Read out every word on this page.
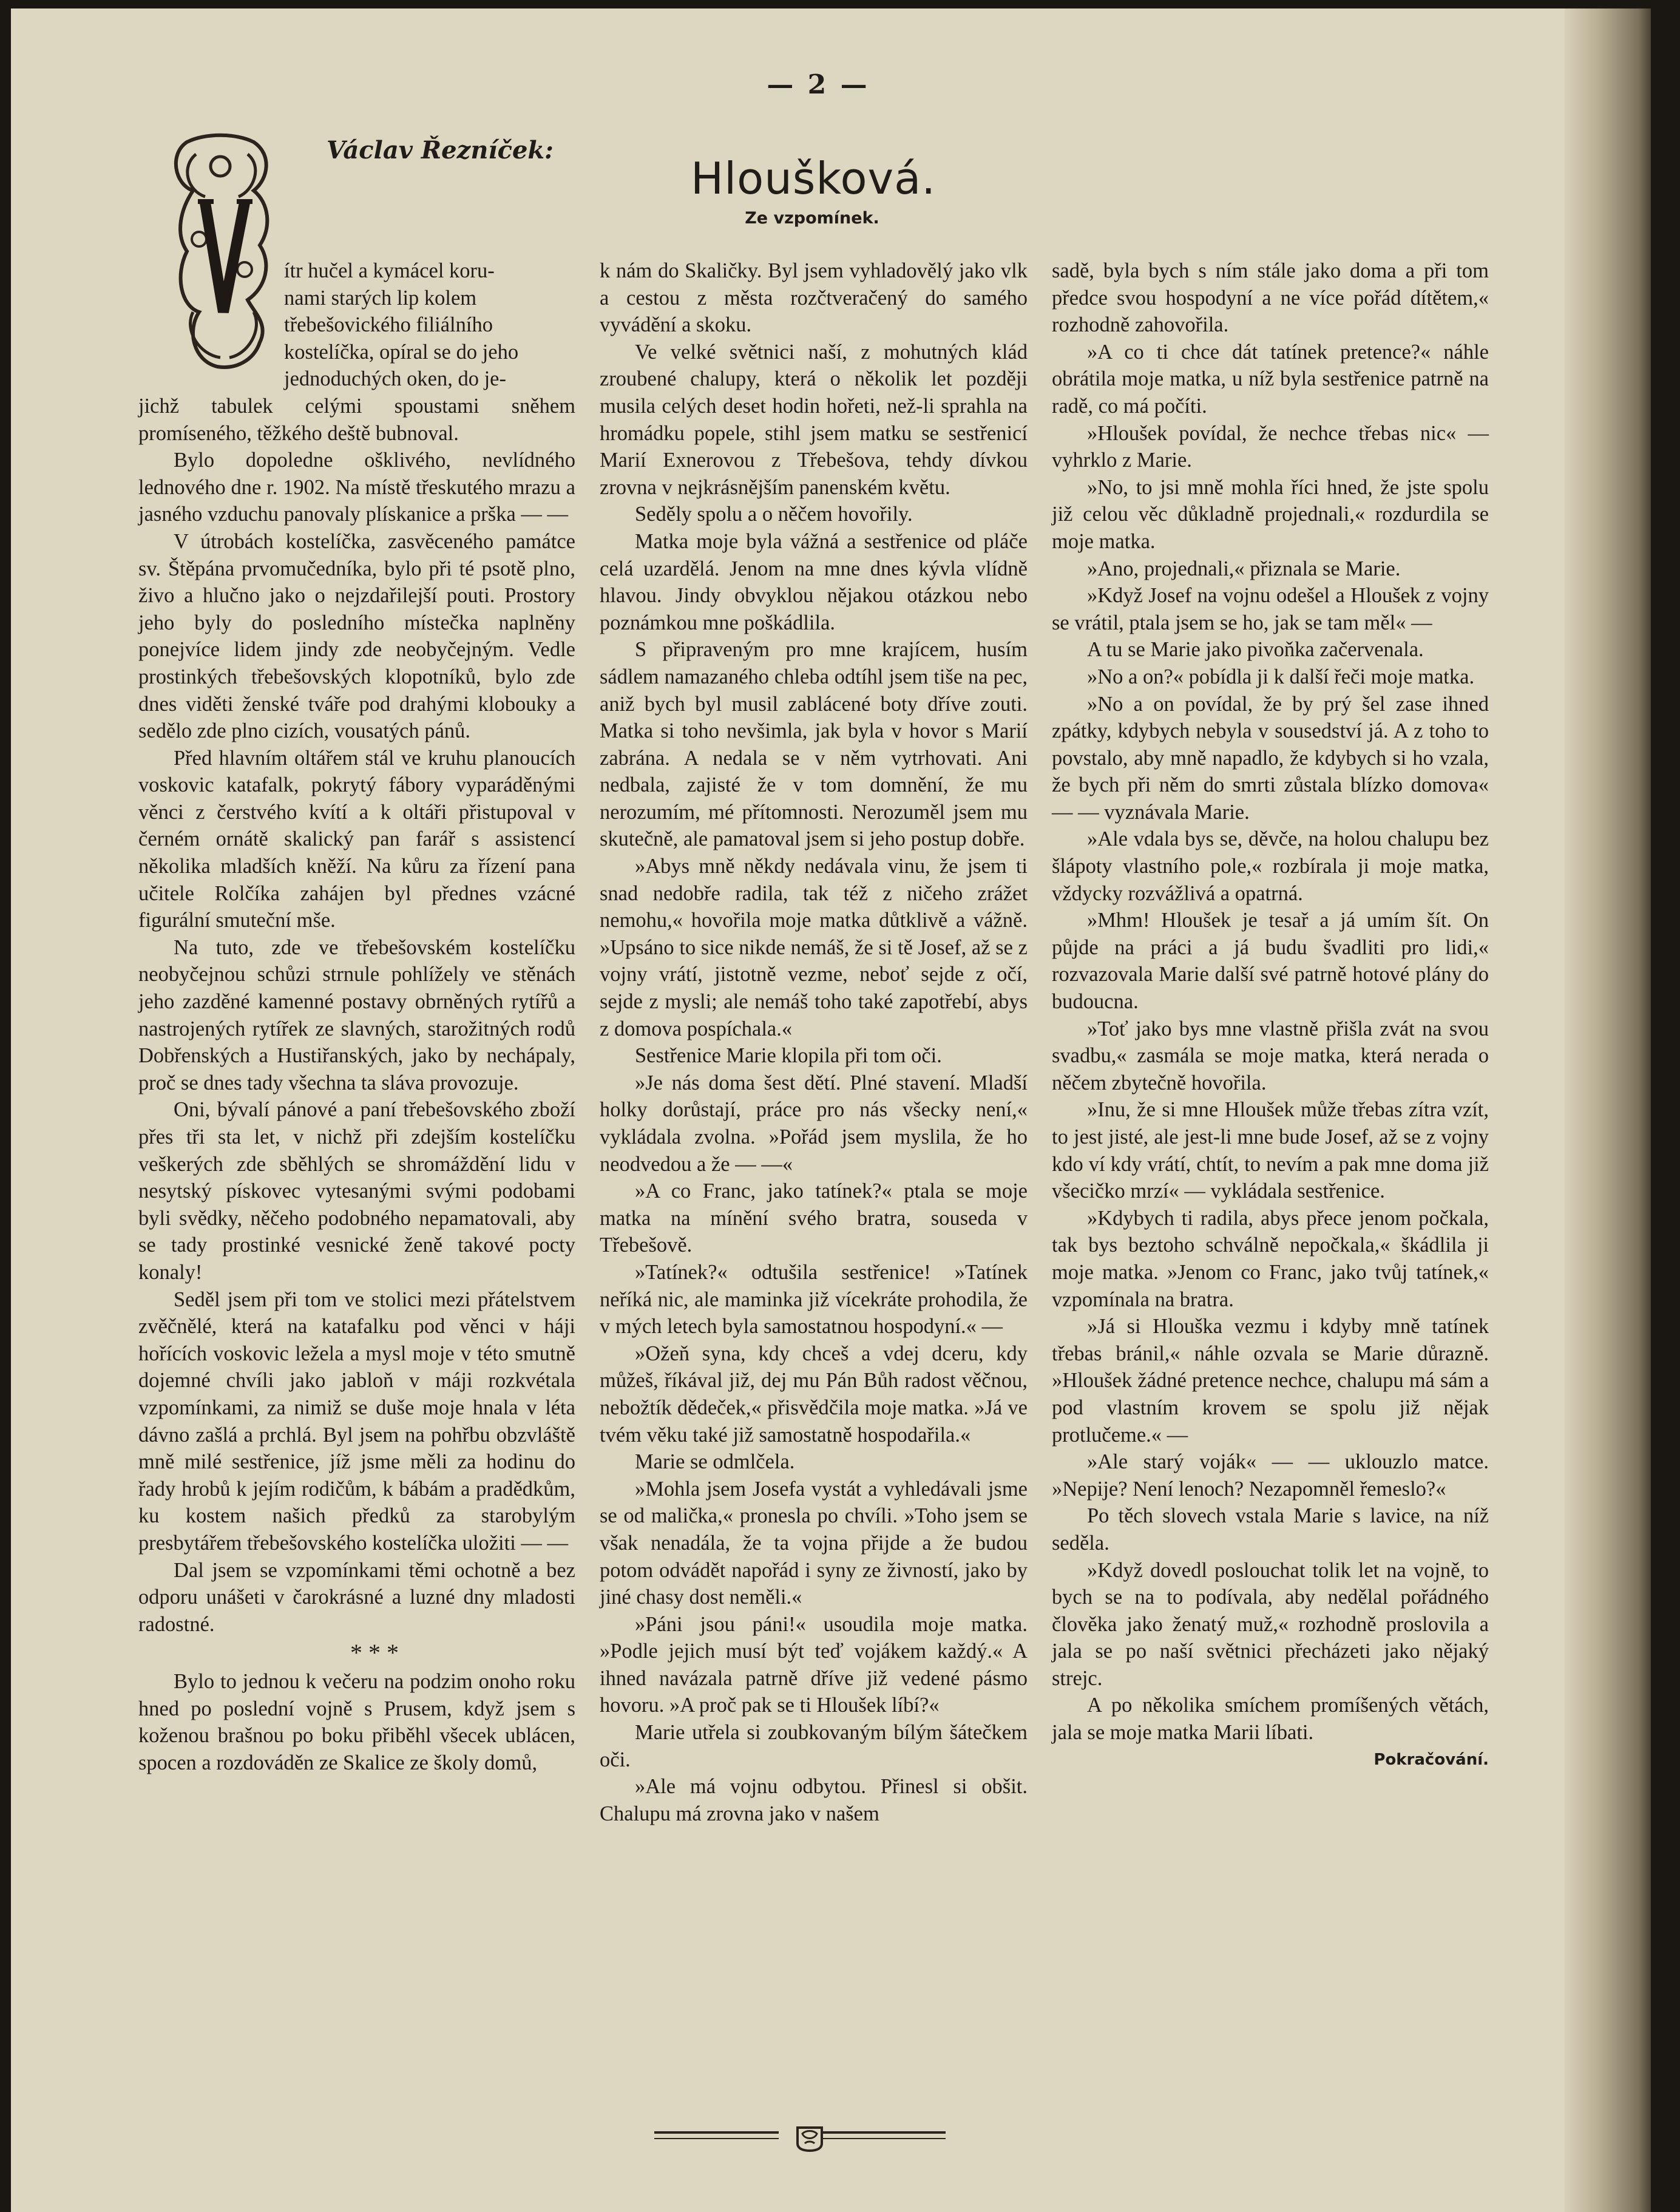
— 2 —
Václav Řezníček:
Hloušková.
Ze vzpomínek.
V

ítr hučel a kymácel koru-
nami starých lip kolem
třebešovického filiálního
kostelíčka, opíral se do jeho
jednoduchých oken, do je-

jichž tabulek celými spoustami sněhem promíseného, těžkého deště bubnoval.

Bylo dopoledne ošklivého, nevlídného lednového dne r. 1902. Na místě třeskutého mrazu a jasného vzduchu panovaly plískanice a prška — —

V útrobách kostelíčka, zasvěceného památce sv. Štěpána prvomučedníka, bylo při té psotě plno, živo a hlučno jako o nejzdařilejší pouti. Prostory jeho byly do posledního místečka naplněny ponejvíce lidem jindy zde neobyčejným. Vedle prostinkých třebešovských klopotníků, bylo zde dnes viděti ženské tváře pod drahými klobouky a sedělo zde plno cizích, vousatých pánů.

Před hlavním oltářem stál ve kruhu planoucích voskovic katafalk, pokrytý fábory vyparáděnými věnci z čerstvého kvítí a k oltáři přistupoval v černém ornátě skalický pan farář s assistencí několika mladších kněží. Na kůru za řízení pana učitele Rolčíka zahájen byl přednes vzácné figurální smuteční mše.

Na tuto, zde ve třebešovském kostelíčku neobyčejnou schůzi strnule pohlížely ve stěnách jeho zazděné kamenné postavy obrněných rytířů a nastrojených rytířek ze slavných, starožitných rodů Dobřenských a Hustiřanských, jako by nechápaly, proč se dnes tady všechna ta sláva provozuje.

Oni, bývalí pánové a paní třebešovského zboží přes tři sta let, v nichž při zdejším kostelíčku veškerých zde sběhlých se shromáždění lidu v nesytský pískovec vytesanými svými podobami byli svědky, něčeho podobného nepamatovali, aby se tady prostinké vesnické ženě takové pocty konaly!

Seděl jsem při tom ve stolici mezi přátelstvem zvěčnělé, která na katafalku pod věnci v háji hořících voskovic ležela a mysl moje v této smutně dojemné chvíli jako jabloň v máji rozkvétala vzpomínkami, za nimiž se duše moje hnala v léta dávno zašlá a prchlá. Byl jsem na pohřbu obzvláště mně milé sestřenice, jíž jsme měli za hodinu do řady hrobů k jejím rodičům, k bábám a pradědkům, ku kostem našich předků za starobylým presbytářem třebešovského kostelíčka uložiti — —

Dal jsem se vzpomínkami těmi ochotně a bez odporu unášeti v čarokrásné a luzné dny mladosti radostné.

* * *

Bylo to jednou k večeru na podzim onoho roku hned po poslední vojně s Prusem, když jsem s koženou brašnou po boku přiběhl všecek ublácen, spocen a rozdováděn ze Skalice ze školy domů,

k nám do Skaličky. Byl jsem vyhladovělý jako vlk a cestou z města rozčtveračený do samého vyvádění a skoku.

Ve velké světnici naší, z mohutných klád zroubené chalupy, která o několik let později musila celých deset hodin hořeti, než-li sprahla na hromádku popele, stihl jsem matku se sestřenicí Marií Exnerovou z Třebešova, tehdy dívkou zrovna v nejkrásnějším panenském květu.

Seděly spolu a o něčem hovořily.

Matka moje byla vážná a sestřenice od pláče celá uzardělá. Jenom na mne dnes kývla vlídně hlavou. Jindy obvyklou nějakou otázkou nebo poznámkou mne poškádlila.

S připraveným pro mne krajícem, husím sádlem namazaného chleba odtíhl jsem tiše na pec, aniž bych byl musil zablácené boty dříve zouti. Matka si toho nevšimla, jak byla v hovor s Marií zabrána. A nedala se v něm vytrhovati. Ani nedbala, zajisté že v tom domnění, že mu nerozumím, mé přítomnosti. Nerozuměl jsem mu skutečně, ale pamatoval jsem si jeho postup dobře.

»Abys mně někdy nedávala vinu, že jsem ti snad nedobře radila, tak též z ničeho zrážet nemohu,« hovořila moje matka důtklivě a vážně. »Upsáno to sice nikde nemáš, že si tě Josef, až se z vojny vrátí, jistotně vezme, neboť sejde z očí, sejde z mysli; ale nemáš toho také zapotřebí, abys z domova pospíchala.«

Sestřenice Marie klopila při tom oči.

»Je nás doma šest dětí. Plné stavení. Mladší holky dorůstají, práce pro nás všecky není,« vykládala zvolna. »Pořád jsem myslila, že ho neodvedou a že — —«

»A co Franc, jako tatínek?« ptala se moje matka na mínění svého bratra, souseda v Třebešově.

»Tatínek?« odtušila sestřenice! »Tatínek neříká nic, ale maminka již vícekráte prohodila, že v mých letech byla samostatnou hospodyní.« —

»Ožeň syna, kdy chceš a vdej dceru, kdy můžeš, říkával již, dej mu Pán Bůh radost věčnou, nebožtík dědeček,« přisvědčila moje matka. »Já ve tvém věku také již samostatně hospodařila.«

Marie se odmlčela.

»Mohla jsem Josefa vystát a vyhledávali jsme se od malička,« pronesla po chvíli. »Toho jsem se však nenadála, že ta vojna přijde a že budou potom odvádět napořád i syny ze živností, jako by jiné chasy dost neměli.«

»Páni jsou páni!« usoudila moje matka. »Podle jejich musí být teď vojákem každý.« A ihned navázala patrně dříve již vedené pásmo hovoru. »A proč pak se ti Hloušek líbí?«

Marie utřela si zoubkovaným bílým šátečkem oči.

»Ale má vojnu odbytou. Přinesl si obšit. Chalupu má zrovna jako v našem

sadě, byla bych s ním stále jako doma a při tom předce svou hospodyní a ne více pořád dítětem,« rozhodně zahovořila.

»A co ti chce dát tatínek pretence?« náhle obrátila moje matka, u níž byla sestřenice patrně na radě, co má počíti.

»Hloušek povídal, že nechce třebas nic« — vyhrklo z Marie.

»No, to jsi mně mohla říci hned, že jste spolu již celou věc důkladně projednali,« rozdurdila se moje matka.

»Ano, projednali,« přiznala se Marie.

»Když Josef na vojnu odešel a Hloušek z vojny se vrátil, ptala jsem se ho, jak se tam měl« —

A tu se Marie jako pivoňka začervenala.

»No a on?« pobídla ji k další řeči moje matka.

»No a on povídal, že by prý šel zase ihned zpátky, kdybych nebyla v sousedství já. A z toho to povstalo, aby mně napadlo, že kdybych si ho vzala, že bych při něm do smrti zůstala blízko domova« — — vyznávala Marie.

»Ale vdala bys se, děvče, na holou chalupu bez šlápoty vlastního pole,« rozbírala ji moje matka, vždycky rozvážlivá a opatrná.

»Mhm! Hloušek je tesař a já umím šít. On půjde na práci a já budu švadliti pro lidi,« rozvazovala Marie další své patrně hotové plány do budoucna.

»Toť jako bys mne vlastně přišla zvát na svou svadbu,« zasmála se moje matka, která nerada o něčem zbytečně hovořila.

»Inu, že si mne Hloušek může třebas zítra vzít, to jest jisté, ale jest-li mne bude Josef, až se z vojny kdo ví kdy vrátí, chtít, to nevím a pak mne doma již všecičko mrzí« — vykládala sestřenice.

»Kdybych ti radila, abys přece jenom počkala, tak bys beztoho schválně nepočkala,« škádlila ji moje matka. »Jenom co Franc, jako tvůj tatínek,« vzpomínala na bratra.

»Já si Hlouška vezmu i kdyby mně tatínek třebas bránil,« náhle ozvala se Marie důrazně. »Hloušek žádné pretence nechce, chalupu má sám a pod vlastním krovem se spolu již nějak protlučeme.« —

»Ale starý voják« — — uklouzlo matce. »Nepije? Není lenoch? Nezapomněl řemeslo?«

Po těch slovech vstala Marie s lavice, na níž seděla.

»Když dovedl poslouchat tolik let na vojně, to bych se na to podívala, aby nedělal pořádného člověka jako ženatý muž,« rozhodně proslovila a jala se po naší světnici přecházeti jako nějaký strejc.

A po několika smíchem promíšených větách, jala se moje matka Marii líbati.

Pokračování.
